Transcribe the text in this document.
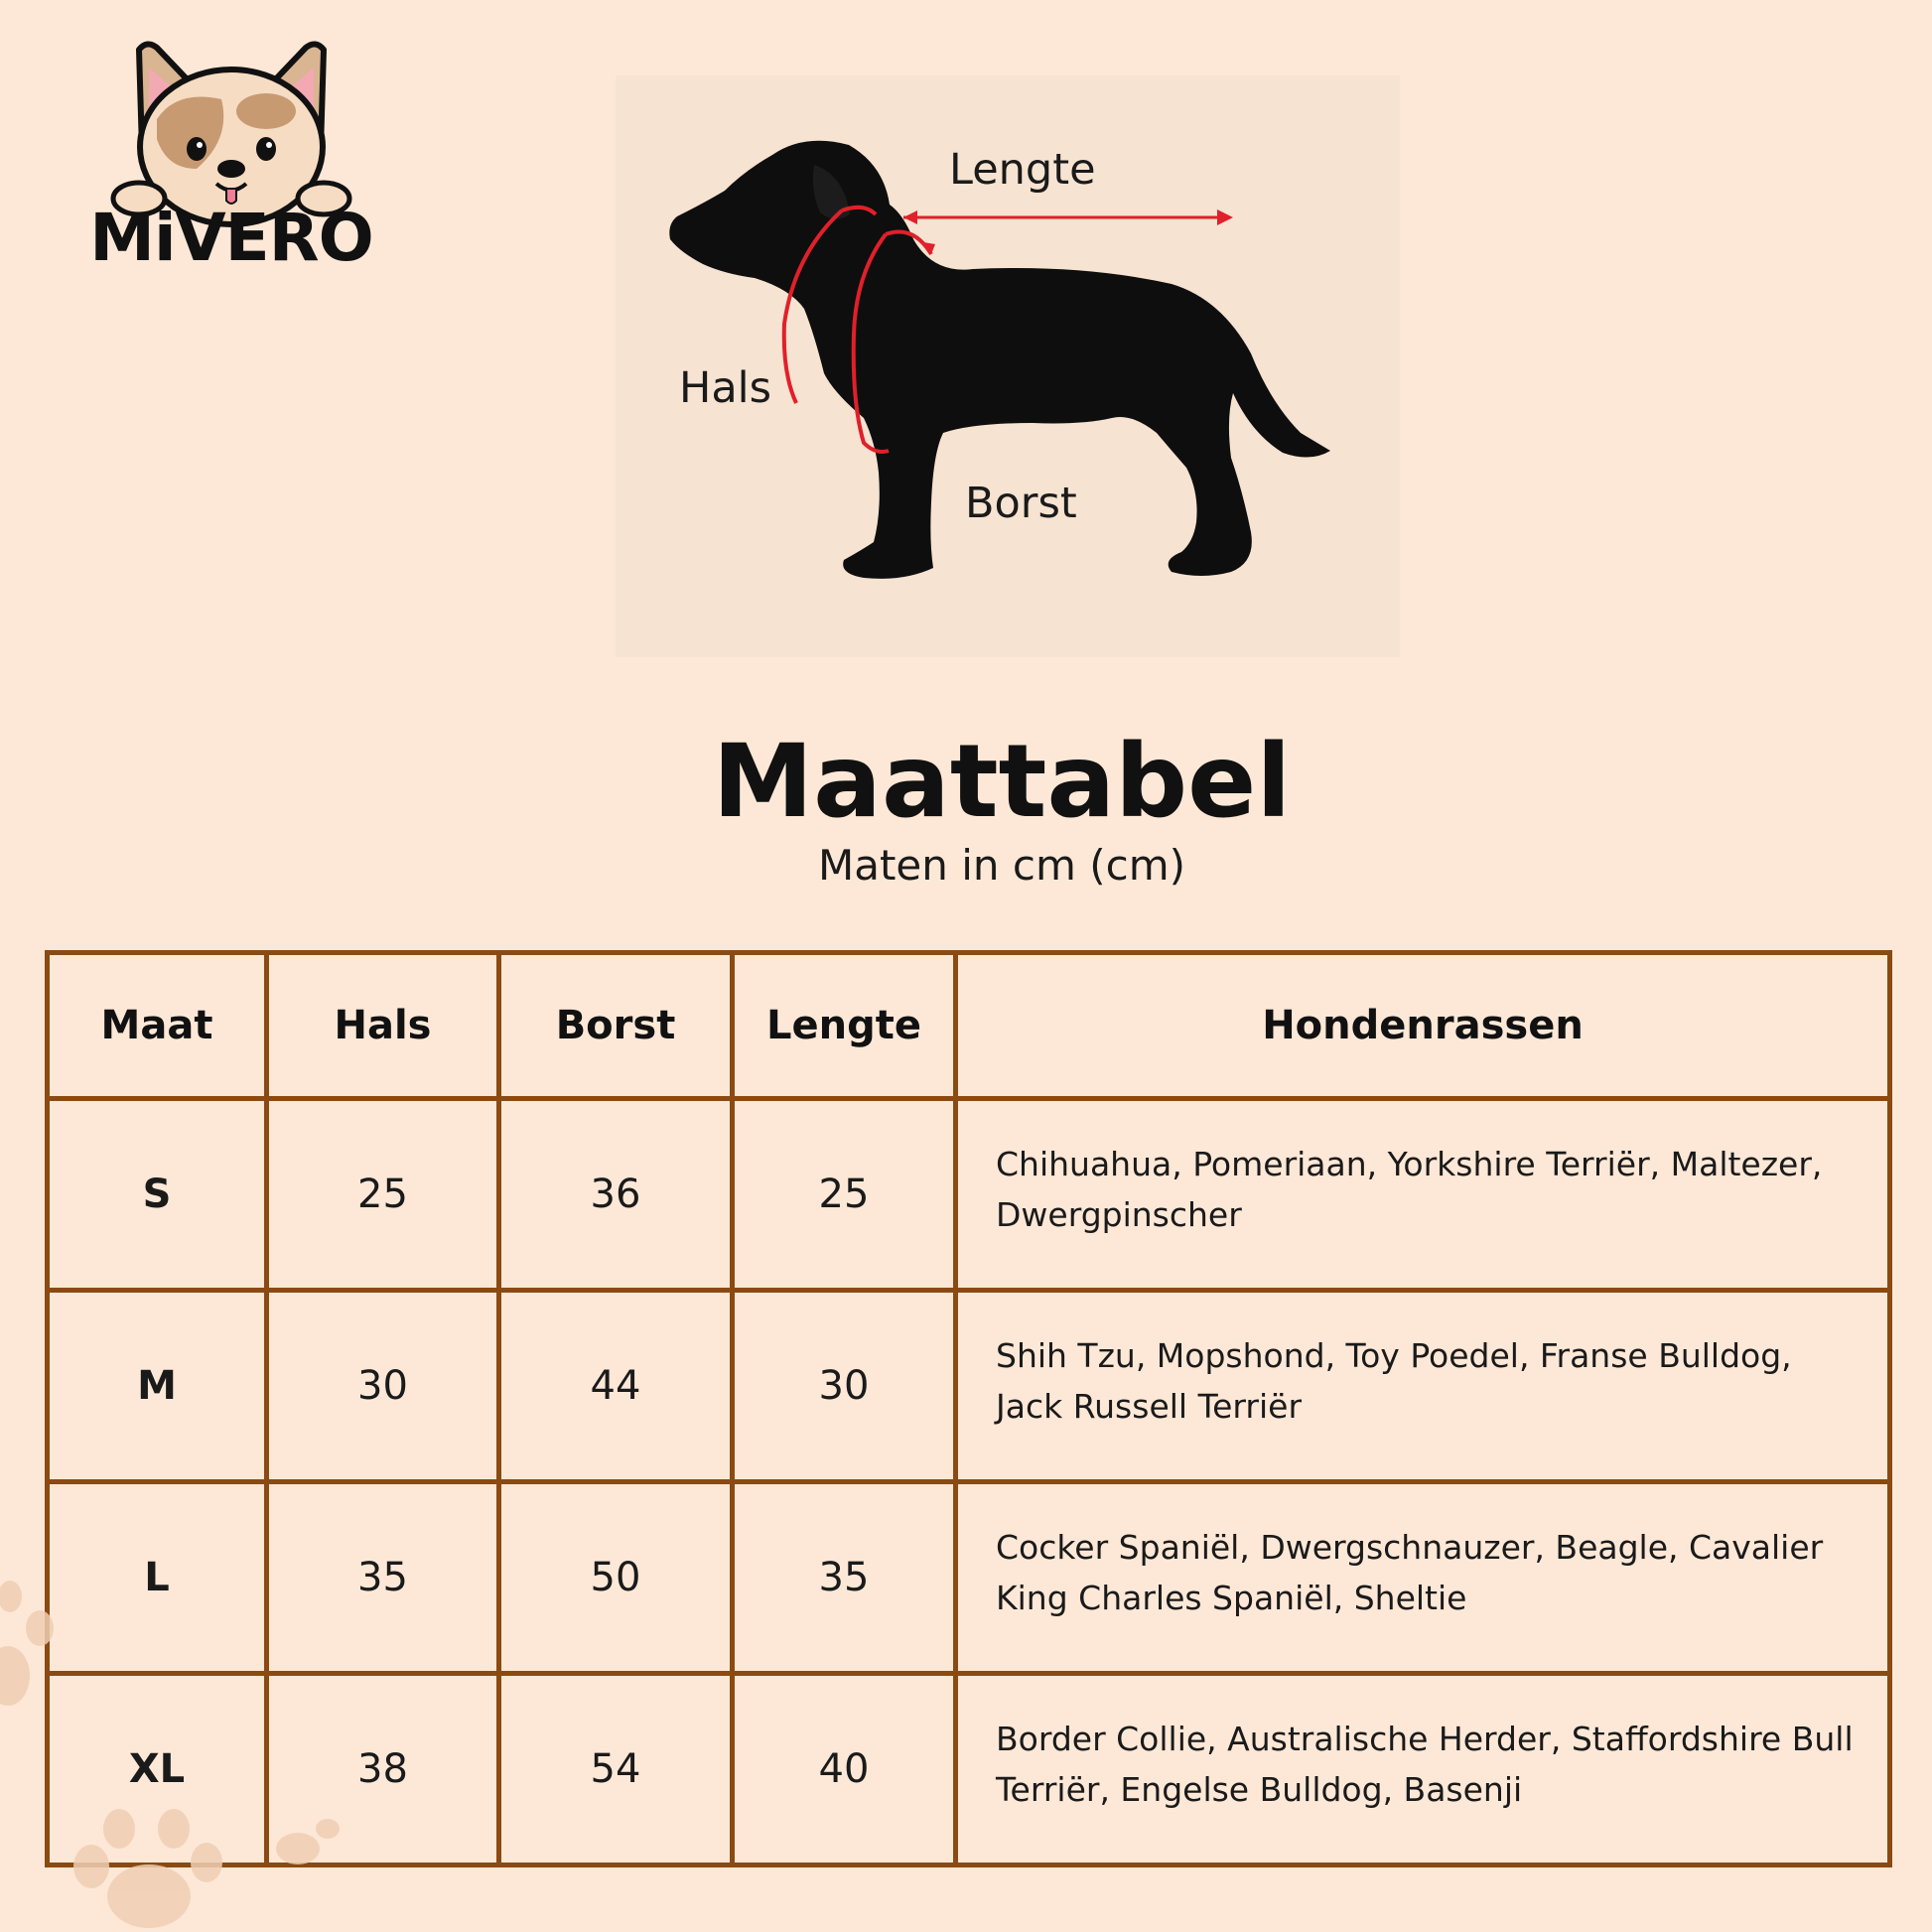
MiVERO
Lengte
Hals
Borst
Maattabel
Maten in cm (cm)
Maat	Hals	Borst	Lengte	Hondenrassen
S	25	36	25	Chihuahua, Pomeriaan, Yorkshire Terriër, Maltezer, Dwergpinscher
M	30	44	30	Shih Tzu, Mopshond, Toy Poedel, Franse Bulldog, Jack Russell Terriër
L	35	50	35	Cocker Spaniël, Dwergschnauzer, Beagle, Cavalier King Charles Spaniël, Sheltie
XL	38	54	40	Border Collie, Australische Herder, Staffordshire Bull Terriër, Engelse Bulldog, Basenji
